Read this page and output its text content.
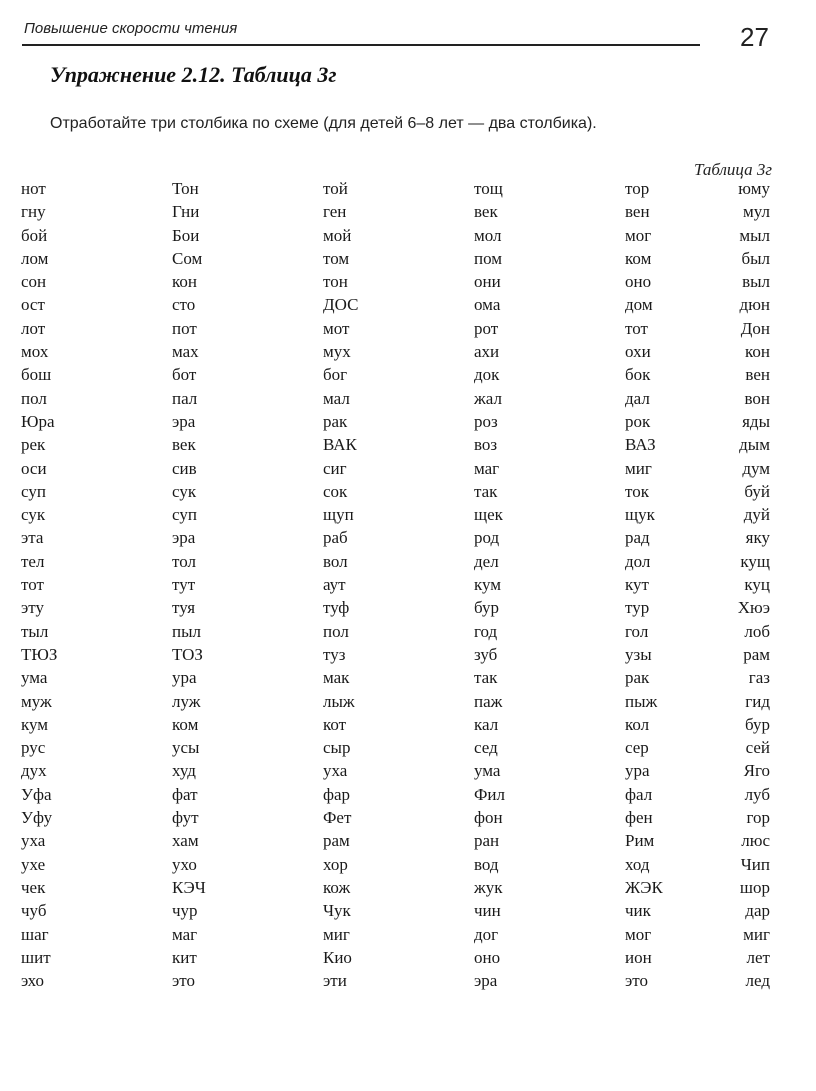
Повышение скорости чтения	27
Упражнение 2.12. Таблица 3г
Отработайте три столбика по схеме (для детей 6–8 лет — два столбика).
Таблица 3г
нот	Тон	той	тощ	тор	юму
гну	Гни	ген	век	вен	мул
бой	Бои	мой	мол	мог	мыл
лом	Сом	том	пом	ком	был
сон	кон	тон	они	оно	выл
ост	сто	ДОС	ома	дом	дюн
лот	пот	мот	рот	тот	Дон
мох	мах	мух	ахи	охи	кон
бош	бот	бог	док	бок	вен
пол	пал	мал	жал	дал	вон
Юра	эра	рак	роз	рок	яды
рек	век	ВАК	воз	ВАЗ	дым
оси	сив	сиг	маг	миг	дум
суп	сук	сок	так	ток	буй
сук	суп	щуп	щек	щук	дуй
эта	эра	раб	род	рад	яку
тел	тол	вол	дел	дол	кущ
тот	тут	аут	кум	кут	куц
эту	туя	туф	бур	тур	Хюэ
тыл	пыл	пол	год	гол	лоб
ТЮЗ	ТОЗ	туз	зуб	узы	рам
ума	ура	мак	так	рак	газ
муж	луж	лыж	паж	пыж	гид
кум	ком	кот	кал	кол	бур
рус	усы	сыр	сед	сер	сей
дух	худ	уха	ума	ура	Яго
Уфа	фат	фар	Фил	фал	луб
Уфу	фут	Фет	фон	фен	гор
уха	хам	рам	ран	Рим	люс
ухе	ухо	хор	вод	ход	Чип
чек	КЭЧ	кож	жук	ЖЭК	шор
чуб	чур	Чук	чин	чик	дар
шаг	маг	миг	дог	мог	миг
шит	кит	Кио	оно	ион	лет
эхо	это	эти	эра	это	лед
